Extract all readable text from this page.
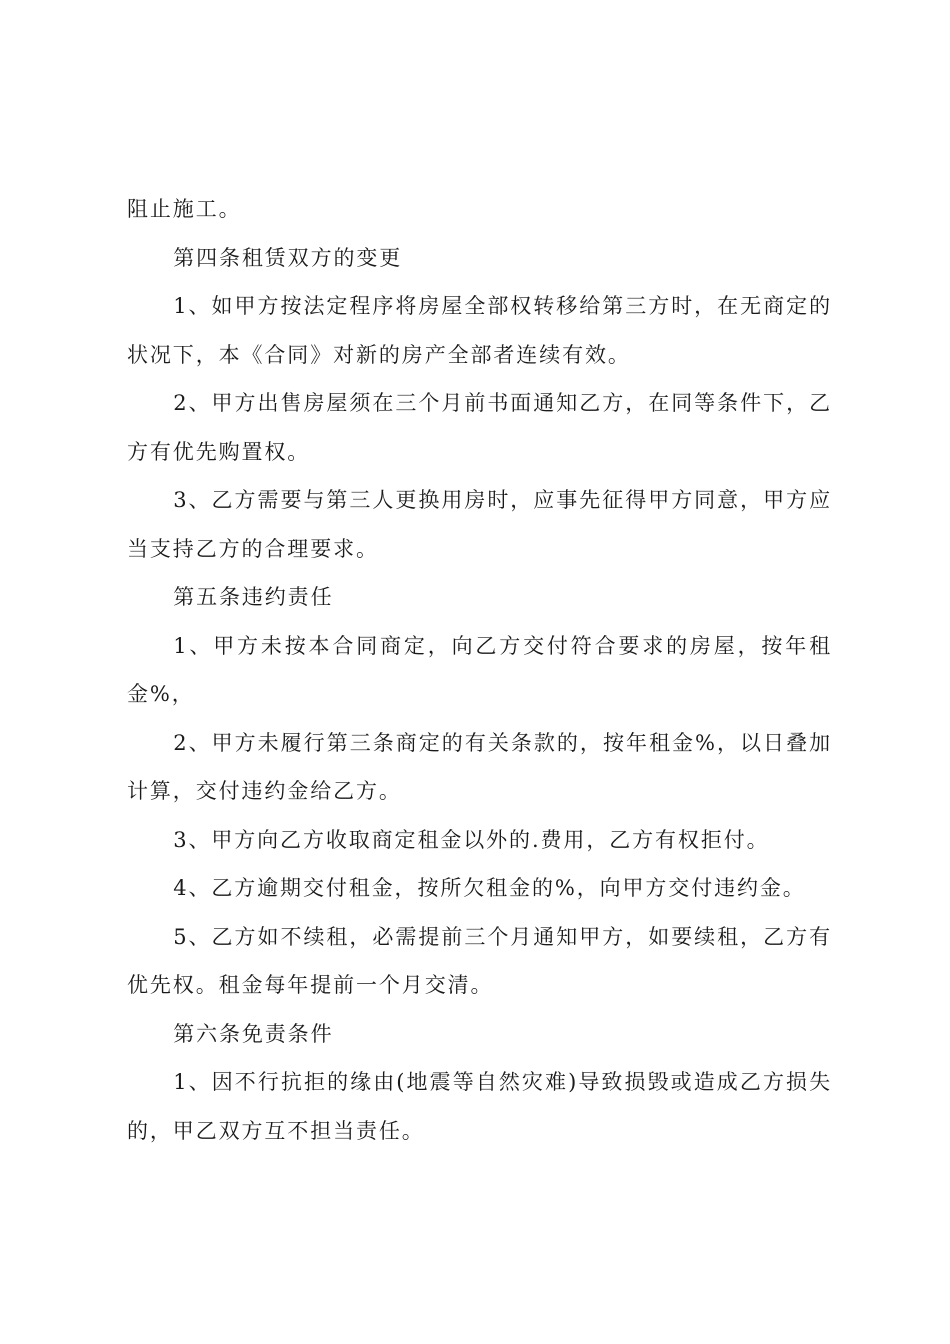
阻止施工。

第四条租赁双方的变更

1、如甲方按法定程序将房屋全部权转移给第三方时，在无商定的状况下，本《合同》对新的房产全部者连续有效。

2、甲方出售房屋须在三个月前书面通知乙方，在同等条件下，乙方有优先购置权。

3、乙方需要与第三人更换用房时，应事先征得甲方同意，甲方应当支持乙方的合理要求。

第五条违约责任

1、甲方未按本合同商定，向乙方交付符合要求的房屋，按年租金%，

2、甲方未履行第三条商定的有关条款的，按年租金%，以日叠加计算，交付违约金给乙方。

3、甲方向乙方收取商定租金以外的.费用，乙方有权拒付。

4、乙方逾期交付租金，按所欠租金的%，向甲方交付违约金。

5、乙方如不续租，必需提前三个月通知甲方，如要续租，乙方有优先权。租金每年提前一个月交清。

第六条免责条件

1、因不行抗拒的缘由(地震等自然灾难)导致损毁或造成乙方损失的，甲乙双方互不担当责任。
